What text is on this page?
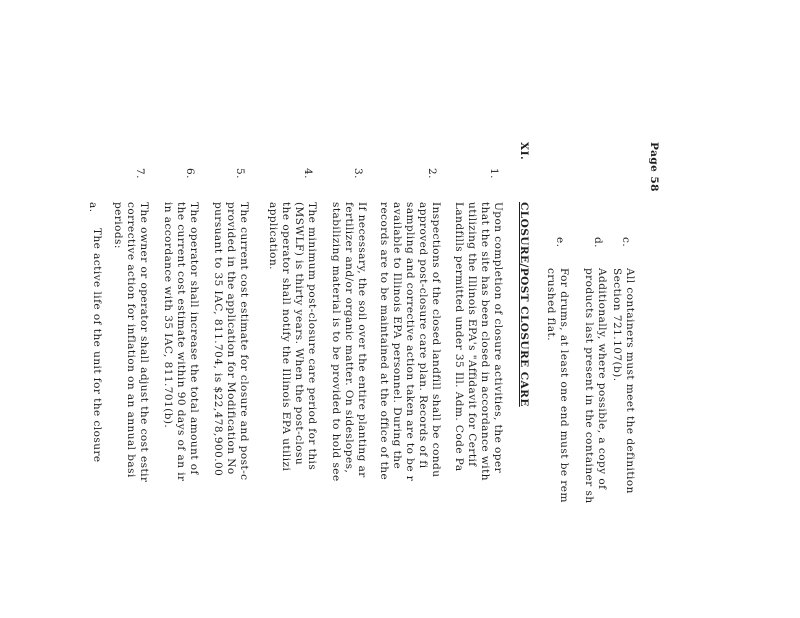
Page 58
c.
All containers must meet the definition
Section 721.107(b).
d.
Additionally, where possible, a copy of
products last present in the container sh
e.
For drums, at least one end must be rem
crushed flat.
XI.
CLOSURE/POST CLOSURE CARE
1.
Upon completion of closure activities, the oper
that the site has been closed in accordance with
utilizing the Illinois EPA's "Affidavit for Certif
Landfills permitted under 35 Ill. Adm. Code Pa
2.
Inspections of the closed landfill shall be condu
approved post-closure care plan. Records of fi
sampling and corrective action taken are to be r
available to Illinois EPA personnel. During the
records are to be maintained at the office of the
3.
If necessary, the soil over the entire planting ar
fertilizer and/or organic matter. On sideslopes,
stabilizing material is to be provided to hold see
4.
The minimum post-closure care period for this
(MSWLF) is thirty years. When the post-closu
the operator shall notify the Illinois EPA utilizi
application.
5.
The current cost estimate for closure and post-c
provided in the application for Modification No
pursuant to 35 IAC, 811.704, is $22,478,900.00
6.
The operator shall increase the total amount of
the current cost estimate within 90 days of an ir
in accordance with 35 IAC, 811.701(b).
7.
The owner or operator shall adjust the cost estir
corrective action for inflation on an annual basi
periods:
a.
The active life of the unit for the closure
